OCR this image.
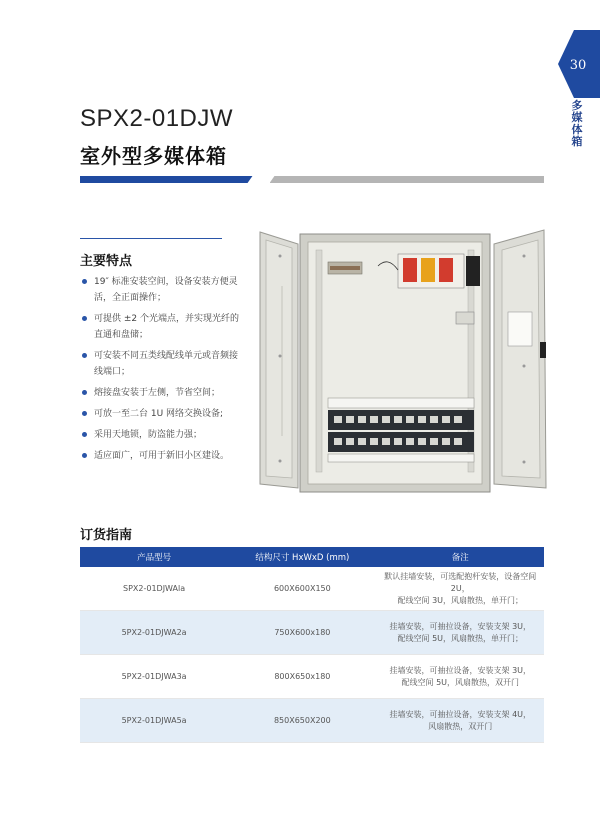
30
多
媒
体
箱
SPX2-01DJW
室外型多媒体箱
主要特点
19″ 标准安装空间，设备安装方便灵活，全正面操作；
可提供 ±2 个光端点，并实现光纤的直通和盘储；
可安装不同五类线配线单元或音频接线端口；
熔接盘安装于左侧，节省空间；
可放一至二台 1U 网络交换设备;
采用天地锁，防盗能力强；
适应面广，可用于新旧小区建设。
订货指南
产品型号	结构尺寸 HxWxD (mm)	备注
SPX2-01DJWAla	600X600X150	默认挂墙安装，可选配抱杆安装，设备空间 2U，
配线空间 3U，风扇散热，单开门；

5PX2-01DJWA2a	750X600x180	挂墙安装，可抽拉设备，安装支架 3U，
配线空间 5U，风扇散热，单开门；

5PX2-01DJWA3a	800X650x180	挂墙安装，可抽拉设备，安装支架 3U，
配线空间 5U，风扇散热，双开门

5PX2-01DJWA5a	850X650X200	挂墙安装，可抽拉设备，安装支架 4U，
风扇散热，双开门
